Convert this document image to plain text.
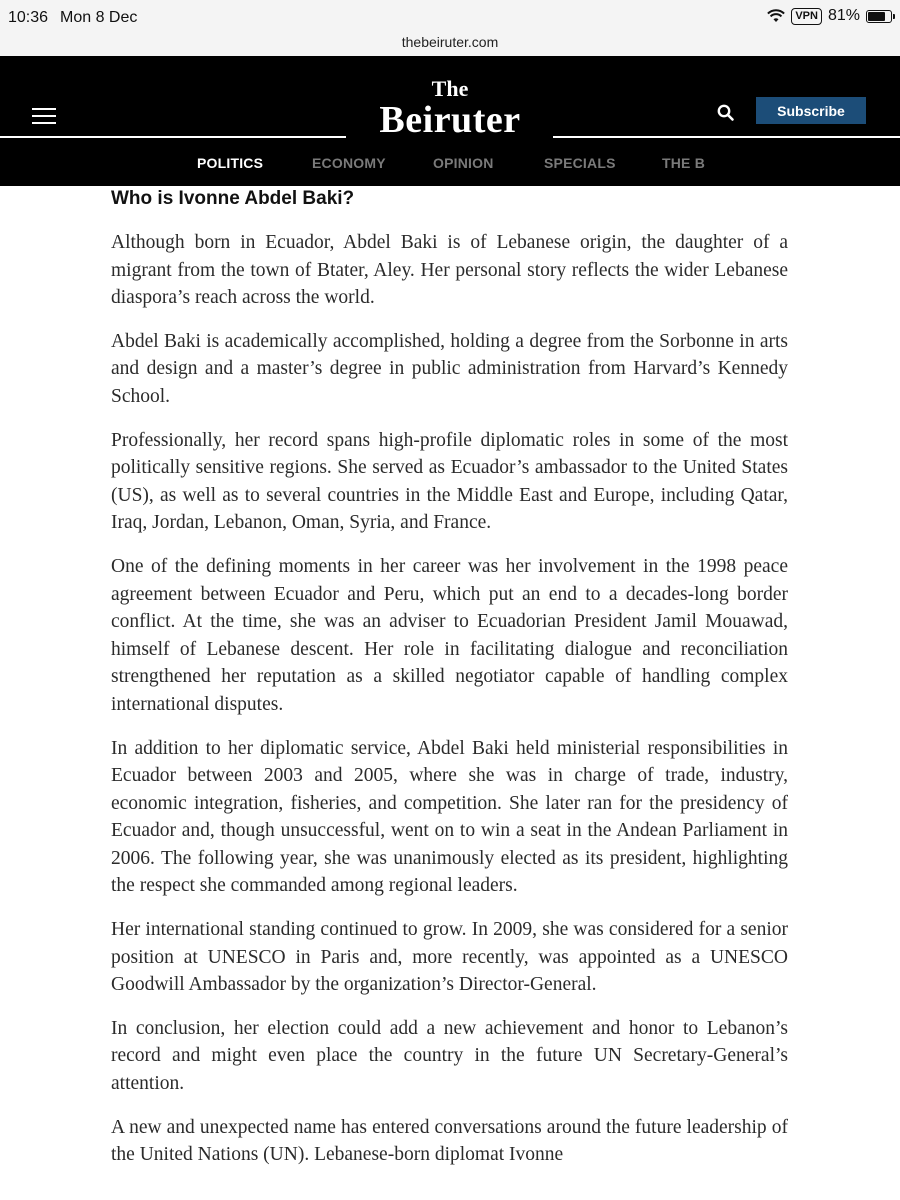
10:36 Mon 8 Dec	VPN 81%
thebeiruter.com
The
Beiruter	Subscribe
POLITICS	ECONOMY	OPINION	SPECIALS	THE B
Who is Ivonne Abdel Baki?

Although born in Ecuador, Abdel Baki is of Lebanese origin, the daughter of a migrant from the town of Btater, Aley. Her personal story reflects the wider Lebanese diaspora’s reach across the world.

Abdel Baki is academically accomplished, holding a degree from the Sorbonne in arts and design and a master’s degree in public administration from Harvard’s Kennedy School.

Professionally, her record spans high-profile diplomatic roles in some of the most politically sensitive regions. She served as Ecuador’s ambassador to the United States (US), as well as to several countries in the Middle East and Europe, including Qatar, Iraq, Jordan, Lebanon, Oman, Syria, and France.

One of the defining moments in her career was her involvement in the 1998 peace agreement between Ecuador and Peru, which put an end to a decades-long border conflict. At the time, she was an adviser to Ecuadorian President Jamil Mouawad, himself of Lebanese descent. Her role in facilitating dialogue and reconciliation strengthened her reputation as a skilled negotiator capable of handling complex international disputes.

In addition to her diplomatic service, Abdel Baki held ministerial responsibilities in Ecuador between 2003 and 2005, where she was in charge of trade, industry, economic integration, fisheries, and competition. She later ran for the presidency of Ecuador and, though unsuccessful, went on to win a seat in the Andean Parliament in 2006. The following year, she was unanimously elected as its president, highlighting the respect she commanded among regional leaders.

Her international standing continued to grow. In 2009, she was considered for a senior position at UNESCO in Paris and, more recently, was appointed as a UNESCO Goodwill Ambassador by the organization’s Director-General.

In conclusion, her election could add a new achievement and honor to Lebanon’s record and might even place the country in the future UN Secretary-General’s attention.

A new and unexpected name has entered conversations around the future leadership of the United Nations (UN). Lebanese-born diplomat Ivonne
